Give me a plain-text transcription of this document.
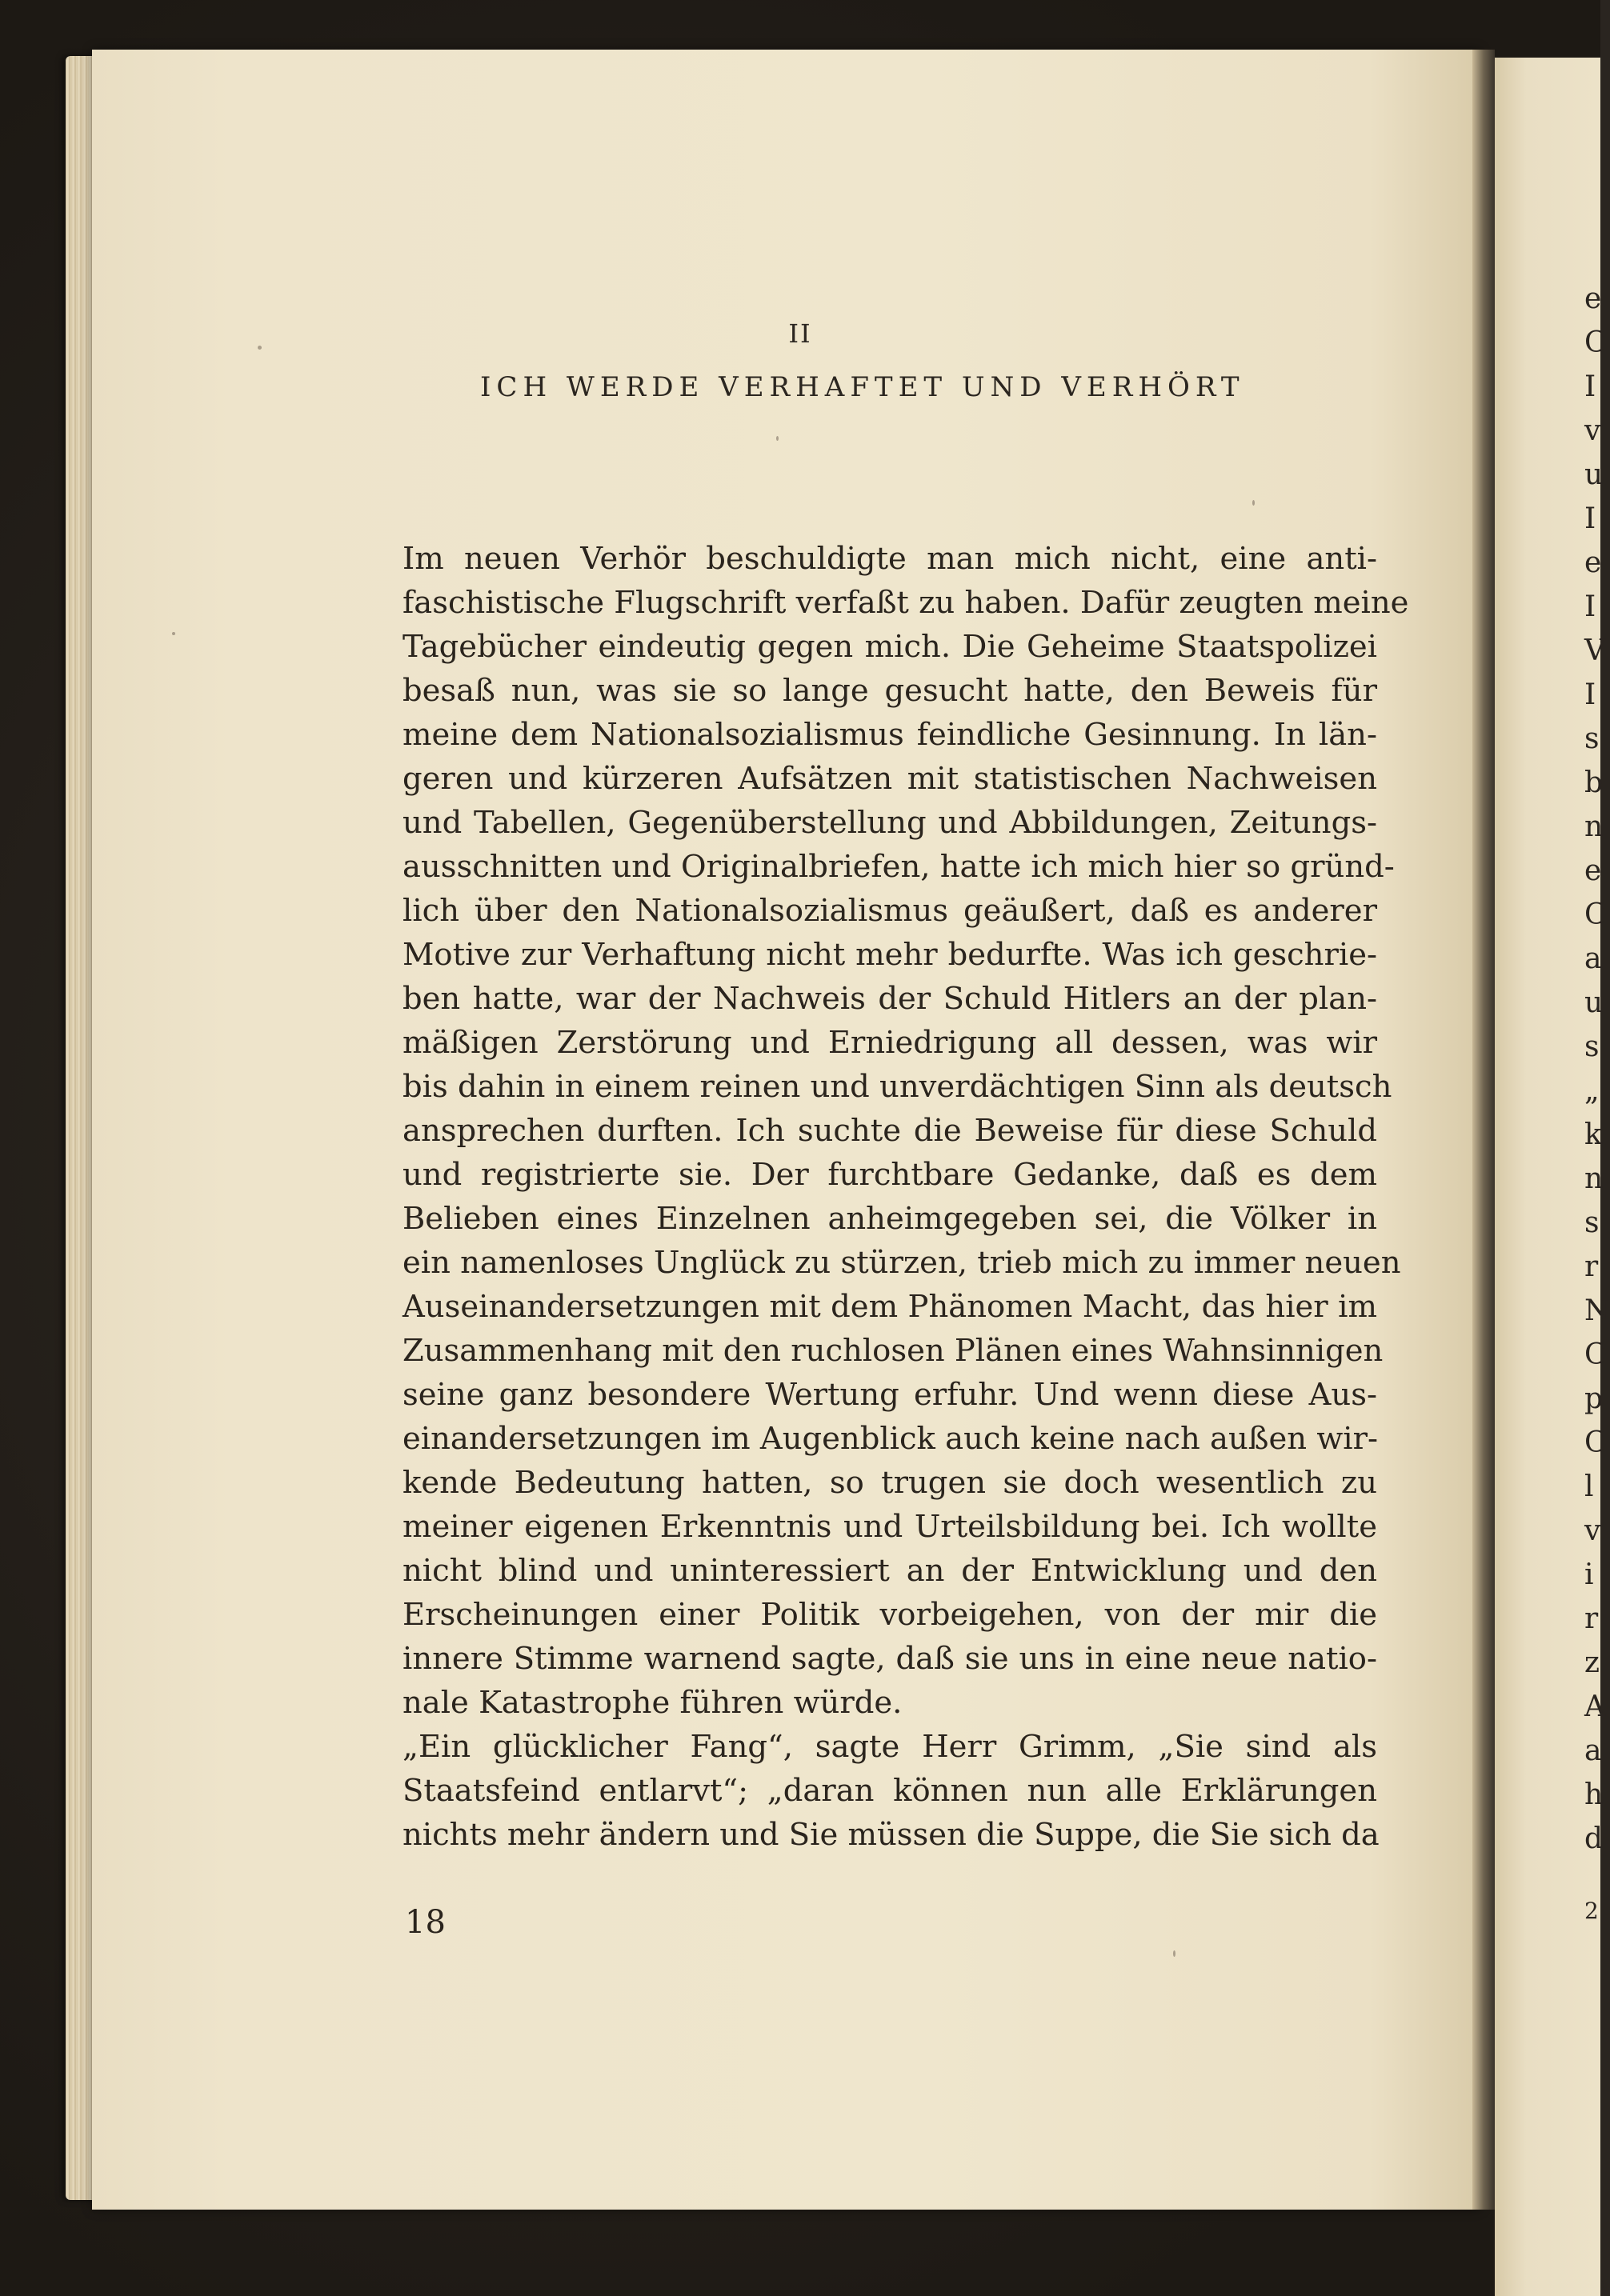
e
C
I
v
u
I
e
I
V
I
s
b
n
e
C
a
u
s
„
k
n
s
r
N
C
p
C
l
v
i
r
z
A
a
h
d
2
II
ICH WERDE VERHAFTET UND VERHÖRT
Im neuen Verhör beschuldigte man mich nicht, eine anti-
faschistische Flugschrift verfaßt zu haben. Dafür zeugten meine
Tagebücher eindeutig gegen mich. Die Geheime Staatspolizei
besaß nun, was sie so lange gesucht hatte, den Beweis für
meine dem Nationalsozialismus feindliche Gesinnung. In län-
geren und kürzeren Aufsätzen mit statistischen Nachweisen
und Tabellen, Gegenüberstellung und Abbildungen, Zeitungs-
ausschnitten und Originalbriefen, hatte ich mich hier so gründ-
lich über den Nationalsozialismus geäußert, daß es anderer
Motive zur Verhaftung nicht mehr bedurfte. Was ich geschrie-
ben hatte, war der Nachweis der Schuld Hitlers an der plan-
mäßigen Zerstörung und Erniedrigung all dessen, was wir
bis dahin in einem reinen und unverdächtigen Sinn als deutsch
ansprechen durften. Ich suchte die Beweise für diese Schuld
und registrierte sie. Der furchtbare Gedanke, daß es dem
Belieben eines Einzelnen anheimgegeben sei, die Völker in
ein namenloses Unglück zu stürzen, trieb mich zu immer neuen
Auseinandersetzungen mit dem Phänomen Macht, das hier im
Zusammenhang mit den ruchlosen Plänen eines Wahnsinnigen
seine ganz besondere Wertung erfuhr. Und wenn diese Aus-
einandersetzungen im Augenblick auch keine nach außen wir-
kende Bedeutung hatten, so trugen sie doch wesentlich zu
meiner eigenen Erkenntnis und Urteilsbildung bei. Ich wollte
nicht blind und uninteressiert an der Entwicklung und den
Erscheinungen einer Politik vorbeigehen, von der mir die
innere Stimme warnend sagte, daß sie uns in eine neue natio-
nale Katastrophe führen würde.
„Ein glücklicher Fang“, sagte Herr Grimm, „Sie sind als
Staatsfeind entlarvt“; „daran können nun alle Erklärungen
nichts mehr ändern und Sie müssen die Suppe, die Sie sich da
18
